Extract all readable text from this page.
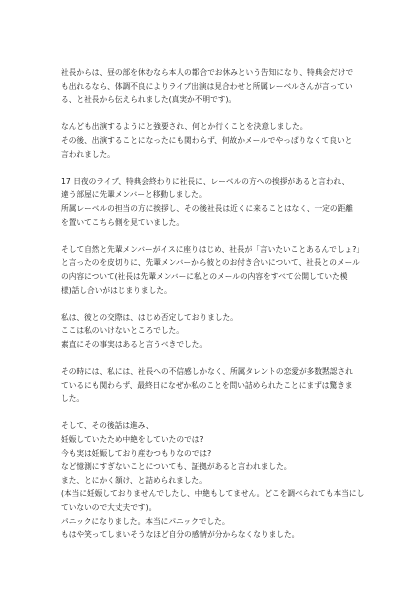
社長からは、昼の部を休むなら本人の都合でお休みという告知になり、特典会だけで
も出れるなら、体調不良によりライブ出演は見合わせと所属レーベルさんが言ってい
る、と社長から伝えられました(真実か不明です)。
なんども出演するようにと強要され、何とか行くことを決意しました。
その後、出演することになったにも関わらず、何故かメールでやっぱりなくて良いと
言われました。
17 日夜のライブ、特典会終わりに社長に、レーベルの方への挨拶があると言われ、
違う部屋に先輩メンバーと移動しました。
所属レーベルの担当の方に挨拶し、その後社長は近くに来ることはなく、一定の距離
を置いてこちら側を見ていました。
そして自然と先輩メンバーがイスに座りはじめ、社長が「言いたいことあるんでしょ?」
と言ったのを皮切りに、先輩メンバーから彼とのお付き合いについて、社長とのメール
の内容について(社長は先輩メンバーに私とのメールの内容をすべて公開していた模
様)話し合いがはじまりました。
私は、彼との交際は、はじめ否定しておりました。
ここは私のいけないところでした。
素直にその事実はあると言うべきでした。
その時には、私には、社長への不信感しかなく、所属タレントの恋愛が多数黙認され
ているにも関わらず、最終日になぜか私のことを問い詰められたことにまずは驚きま
した。
そして、その後話は進み、
妊娠していたため中絶をしていたのでは?
今も実は妊娠しており産むつもりなのでは?
など憶測にすぎないことについても、証拠があると言われました。
また、とにかく頷け、と詰められました。
(本当に妊娠しておりませんでしたし、中絶もしてません。どこを調べられても本当にし
ていないので大丈夫です)。
パニックになりました。本当にパニックでした。
もはや笑ってしまいそうなほど自分の感情が分からなくなりました。
